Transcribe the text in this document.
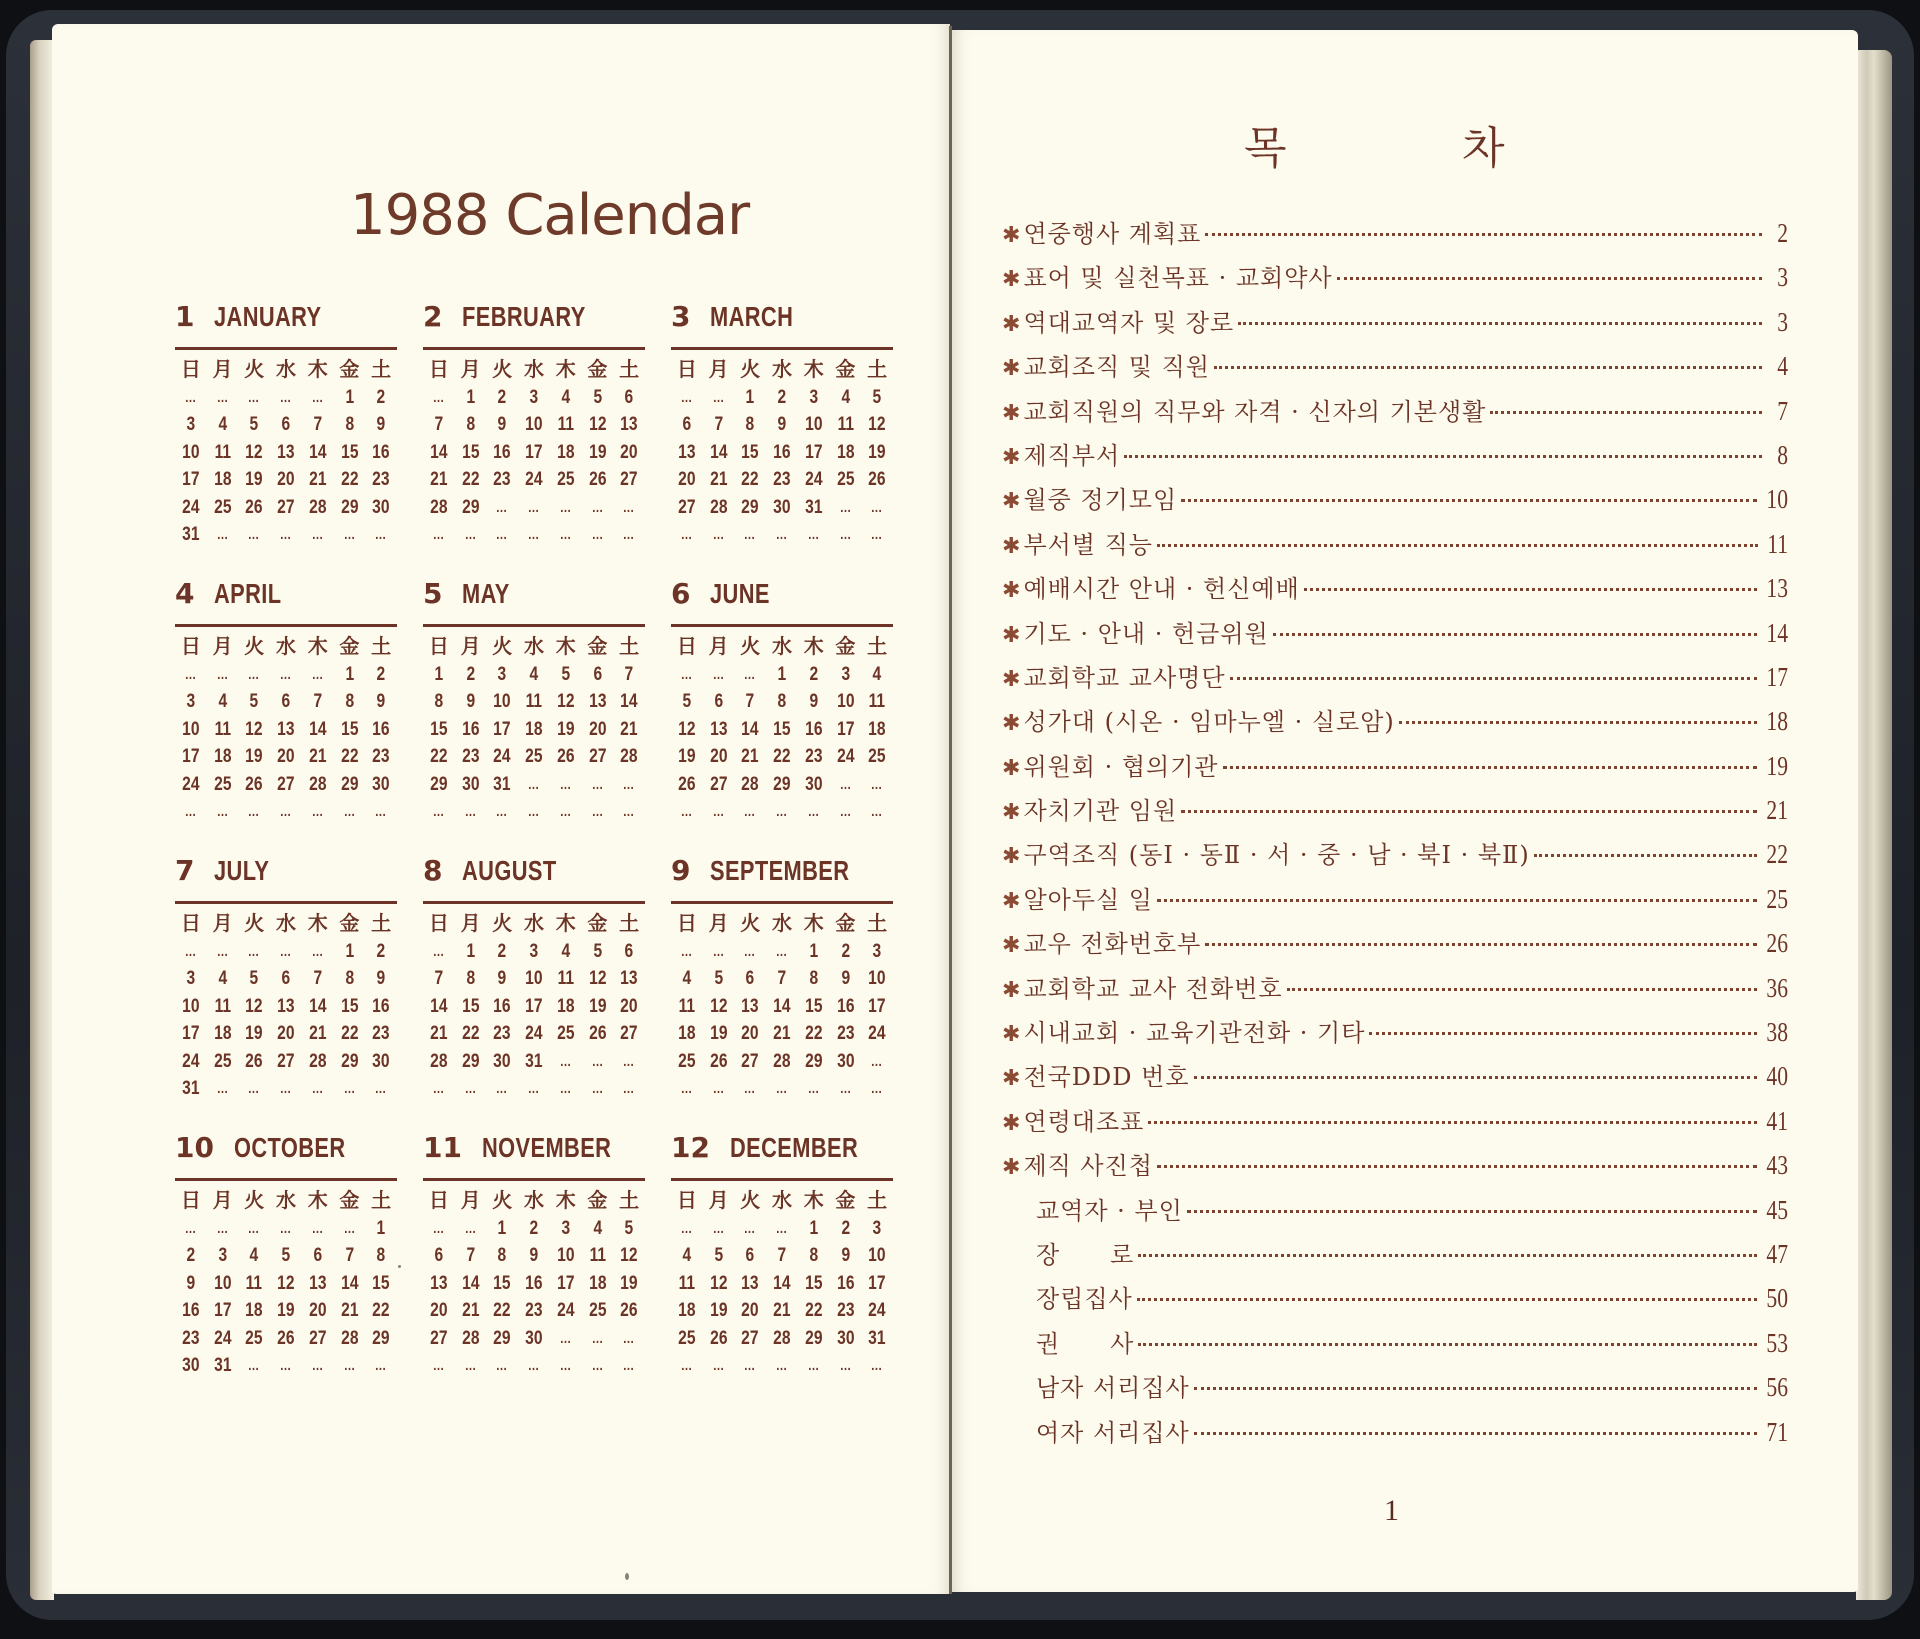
1988 Calendar
1 JANUARY
日 月 火 水 木 金 土
…	…	…	…	…	1	2
3	4	5	6	7	8	9
10 11 12 13 14 15 16
17 18 19 20 21 22 23
24 25 26 27 28 29 30
31	…	…	…	…	…	…
2 FEBRUARY
日 月 火 水 木 金 土
…	1	2	3	4	5	6
7	8	9 10 11 12 13
14 15 16 17 18 19 20
21 22 23 24 25 26 27
28 29	…	…	…	…	…
…	…	…	…	…	…	…
3 MARCH
日 月 火 水 木 金 土
…	…	1	2	3	4	5
6	7	8	9 10 11 12
13 14 15 16 17 18 19
20 21 22 23 24 25 26
27 28 29 30 31	…	…
…	…	…	…	…	…	…
4 APRIL
日 月 火 水 木 金 土
…	…	…	…	…	1	2
3	4	5	6	7	8	9
10 11 12 13 14 15 16
17 18 19 20 21 22 23
24 25 26 27 28 29 30
…	…	…	…	…	…	…
5 MAY
日 月 火 水 木 金 土
1	2	3	4	5	6	7
8	9 10 11 12 13 14
15 16 17 18 19 20 21
22 23 24 25 26 27 28
29 30 31	…	…	…	…
…	…	…	…	…	…	…
6 JUNE
日 月 火 水 木 金 土
…	…	…	1	2	3	4
5	6	7	8	9 10 11
12 13 14 15 16 17 18
19 20 21 22 23 24 25
26 27 28 29 30	…	…
…	…	…	…	…	…	…
7 JULY
日 月 火 水 木 金 土
…	…	…	…	…	1	2
3	4	5	6	7	8	9
10 11 12 13 14 15 16
17 18 19 20 21 22 23
24 25 26 27 28 29 30
31	…	…	…	…	…	…
8 AUGUST
日 月 火 水 木 金 土
…	1	2	3	4	5	6
7	8	9 10 11 12 13
14 15 16 17 18 19 20
21 22 23 24 25 26 27
28 29 30 31	…	…	…
…	…	…	…	…	…	…
9 SEPTEMBER
日 月 火 水 木 金 土
…	…	…	…	1	2	3
4	5	6	7	8	9 10
11 12 13 14 15 16 17
18 19 20 21 22 23 24
25 26 27 28 29 30	…
…	…	…	…	…	…	…
10 OCTOBER
日 月 火 水 木 金 土
…	…	…	…	…	…	1
2	3	4	5	6	7	8
9 10 11 12 13 14 15
16 17 18 19 20 21 22
23 24 25 26 27 28 29
30 31	…	…	…	…	…
11 NOVEMBER
日 月 火 水 木 金 土
…	…	1	2	3	4	5
6	7	8	9 10 11 12
13 14 15 16 17 18 19
20 21 22 23 24 25 26
27 28 29 30	…	…	…
…	…	…	…	…	…	…
12 DECEMBER
日 月 火 水 木 金 土
…	…	…	…	1	2	3
4	5	6	7	8	9 10
11 12 13 14 15 16 17
18 19 20 21 22 23 24
25 26 27 28 29 30 31
…	…	…	…	…	…	…
목	차
✱ 연중행사 계획표	2
✱ 표어 및 실천목표 · 교회약사	3
✱ 역대교역자 및 장로	3
✱ 교회조직 및 직원	4
✱ 교회직원의 직무와 자격 · 신자의 기본생활	7
✱ 제직부서	8
✱ 월중 정기모임	10
✱ 부서별 직능	11
✱ 예배시간 안내 · 헌신예배	13
✱ 기도 · 안내 · 헌금위원	14
✱ 교회학교 교사명단	17
✱ 성가대 (시온 · 임마누엘 · 실로암)	18
✱ 위원회 · 협의기관	19
✱ 자치기관 임원	21
✱ 구역조직 (동Ⅰ · 동Ⅱ · 서 · 중 · 남 · 북Ⅰ · 북Ⅱ)	22
✱ 알아두실 일	25
✱ 교우 전화번호부	26
✱ 교회학교 교사 전화번호	36
✱ 시내교회 · 교육기관전화 · 기타	38
✱ 전국DDD 번호	40
✱ 연령대조표	41
✱ 제직 사진첩	43
교역자 · 부인	45
장　　로	47
장립집사	50
권　　사	53
남자 서리집사	56
여자 서리집사	71
1
